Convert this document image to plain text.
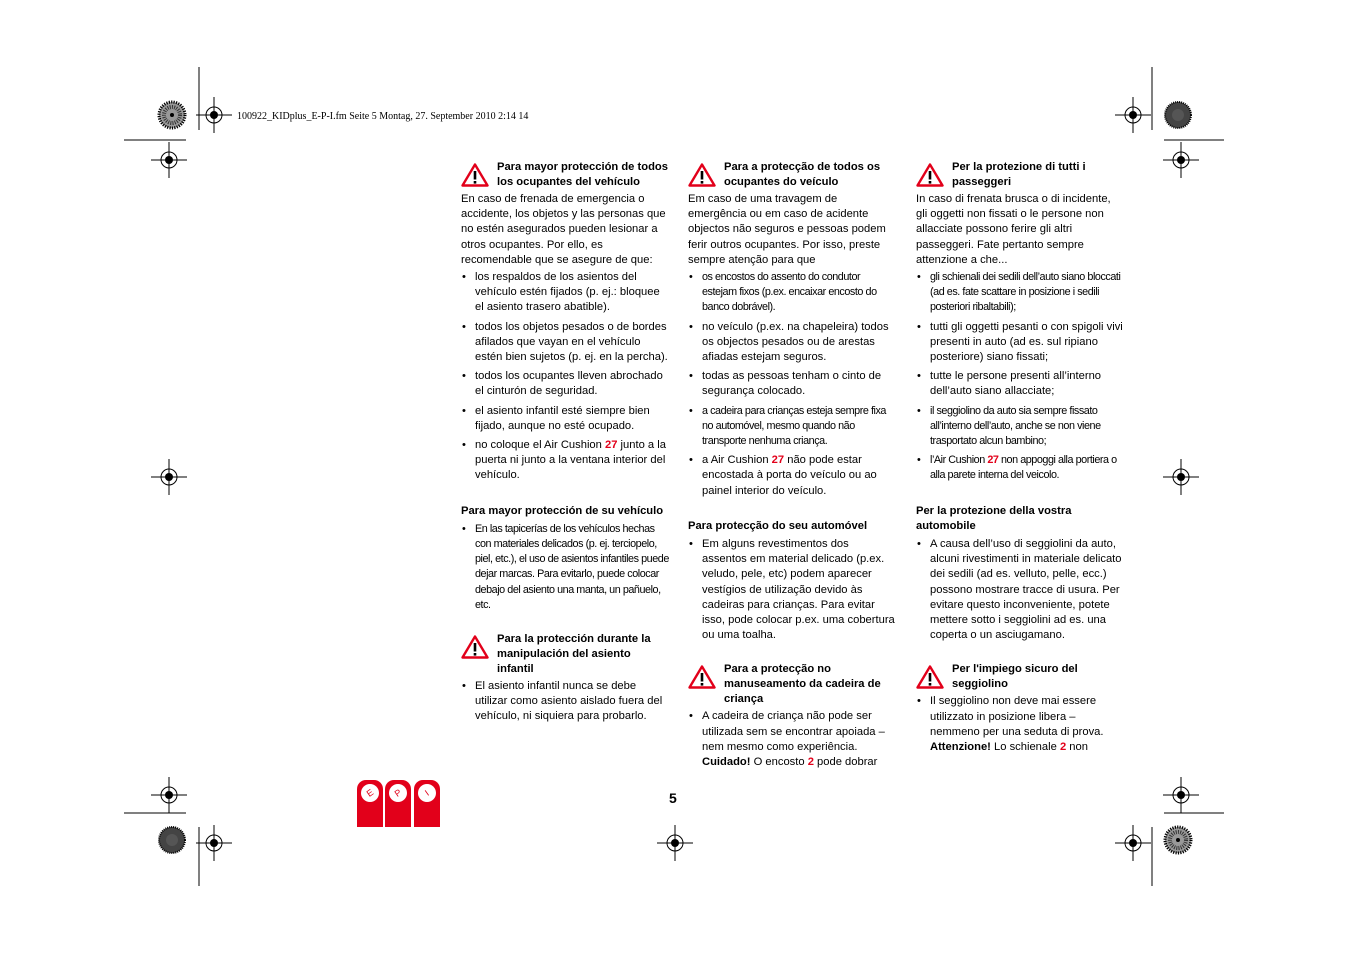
100922_KIDplus_E-P-I.fm Seite 5 Montag, 27. September 2010 2:14 14
Para mayor protección de todos los ocupantes del vehículo

En caso de frenada de emergencia o accidente, los objetos y las personas que no estén asegurados pueden lesionar a otros ocupantes. Por ello, es recomendable que se asegure de que:

• los respaldos de los asientos del vehículo estén fijados (p. ej.: bloquee el asiento trasero abatible).
• todos los objetos pesados o de bordes afilados que vayan en el vehículo estén bien sujetos (p. ej. en la percha).
• todos los ocupantes lleven abrochado el cinturón de seguridad.
• el asiento infantil esté siempre bien fijado, aunque no esté ocupado.
• no coloque el Air Cushion 27 junto a la puerta ni junto a la ventana interior del vehículo.
Para mayor protección de su vehículo
• En las tapicerías de los vehículos hechas con materiales delicados (p. ej. terciopelo, piel, etc.), el uso de asientos infantiles puede dejar marcas. Para evitarlo, puede colocar debajo del asiento una manta, un pañuelo, etc.
Para la protección durante la manipulación del asiento infantil
• El asiento infantil nunca se debe utilizar como asiento aislado fuera del vehículo, ni siquiera para probarlo.
Para a protecção de todos os ocupantes do veículo

Em caso de uma travagem de emergência ou em caso de acidente objectos não seguros e pessoas podem ferir outros ocupantes. Por isso, preste sempre atenção para que

• os encostos do assento do condutor estejam fixos (p.ex. encaixar encosto do banco dobrável).
• no veículo (p.ex. na chapeleira) todos os objectos pesados ou de arestas afiadas estejam seguros.
• todas as pessoas tenham o cinto de segurança colocado.
• a cadeira para crianças esteja sempre fixa no automóvel, mesmo quando não transporte nenhuma criança.
• a Air Cushion 27 não pode estar encostada à porta do veículo ou ao painel interior do veículo.
Para protecção do seu automóvel
• Em alguns revestimentos dos assentos em material delicado (p.ex. veludo, pele, etc) podem aparecer vestígios de utilização devido às cadeiras para crianças. Para evitar isso, pode colocar p.ex. uma cobertura ou uma toalha.
Para a protecção no manuseamento da cadeira de criança
• A cadeira de criança não pode ser utilizada sem se encontrar apoiada – nem mesmo como experiência.
Cuidado! O encosto 2 pode dobrar
Per la protezione di tutti i passeggeri

In caso di frenata brusca o di incidente, gli oggetti non fissati o le persone non allacciate possono ferire gli altri passeggeri. Fate pertanto sempre attenzione a che...

• gli schienali dei sedili dell’auto siano bloccati (ad es. fate scattare in posizione i sedili posteriori ribaltabili);
• tutti gli oggetti pesanti o con spigoli vivi presenti in auto (ad es. sul ripiano posteriore) siano fissati;
• tutte le persone presenti all’interno dell’auto siano allacciate;
• il seggiolino da auto sia sempre fissato all’interno dell’auto, anche se non viene trasportato alcun bambino;
• l’Air Cushion 27 non appoggi alla portiera o alla parete interna del veicolo.
Per la protezione della vostra automobile
• A causa dell’uso di seggiolini da auto, alcuni rivestimenti in materiale delicato dei sedili (ad es. velluto, pelle, ecc.) possono mostrare tracce di usura. Per evitare questo inconveniente, potete mettere sotto i seggiolini ad es. una coperta o un asciugamano.
Per l'impiego sicuro del seggiolino
• Il seggiolino non deve mai essere utilizzato in posizione libera – nemmeno per una seduta di prova.
Attenzione! Lo schienale 2 non
E	P	I	5
